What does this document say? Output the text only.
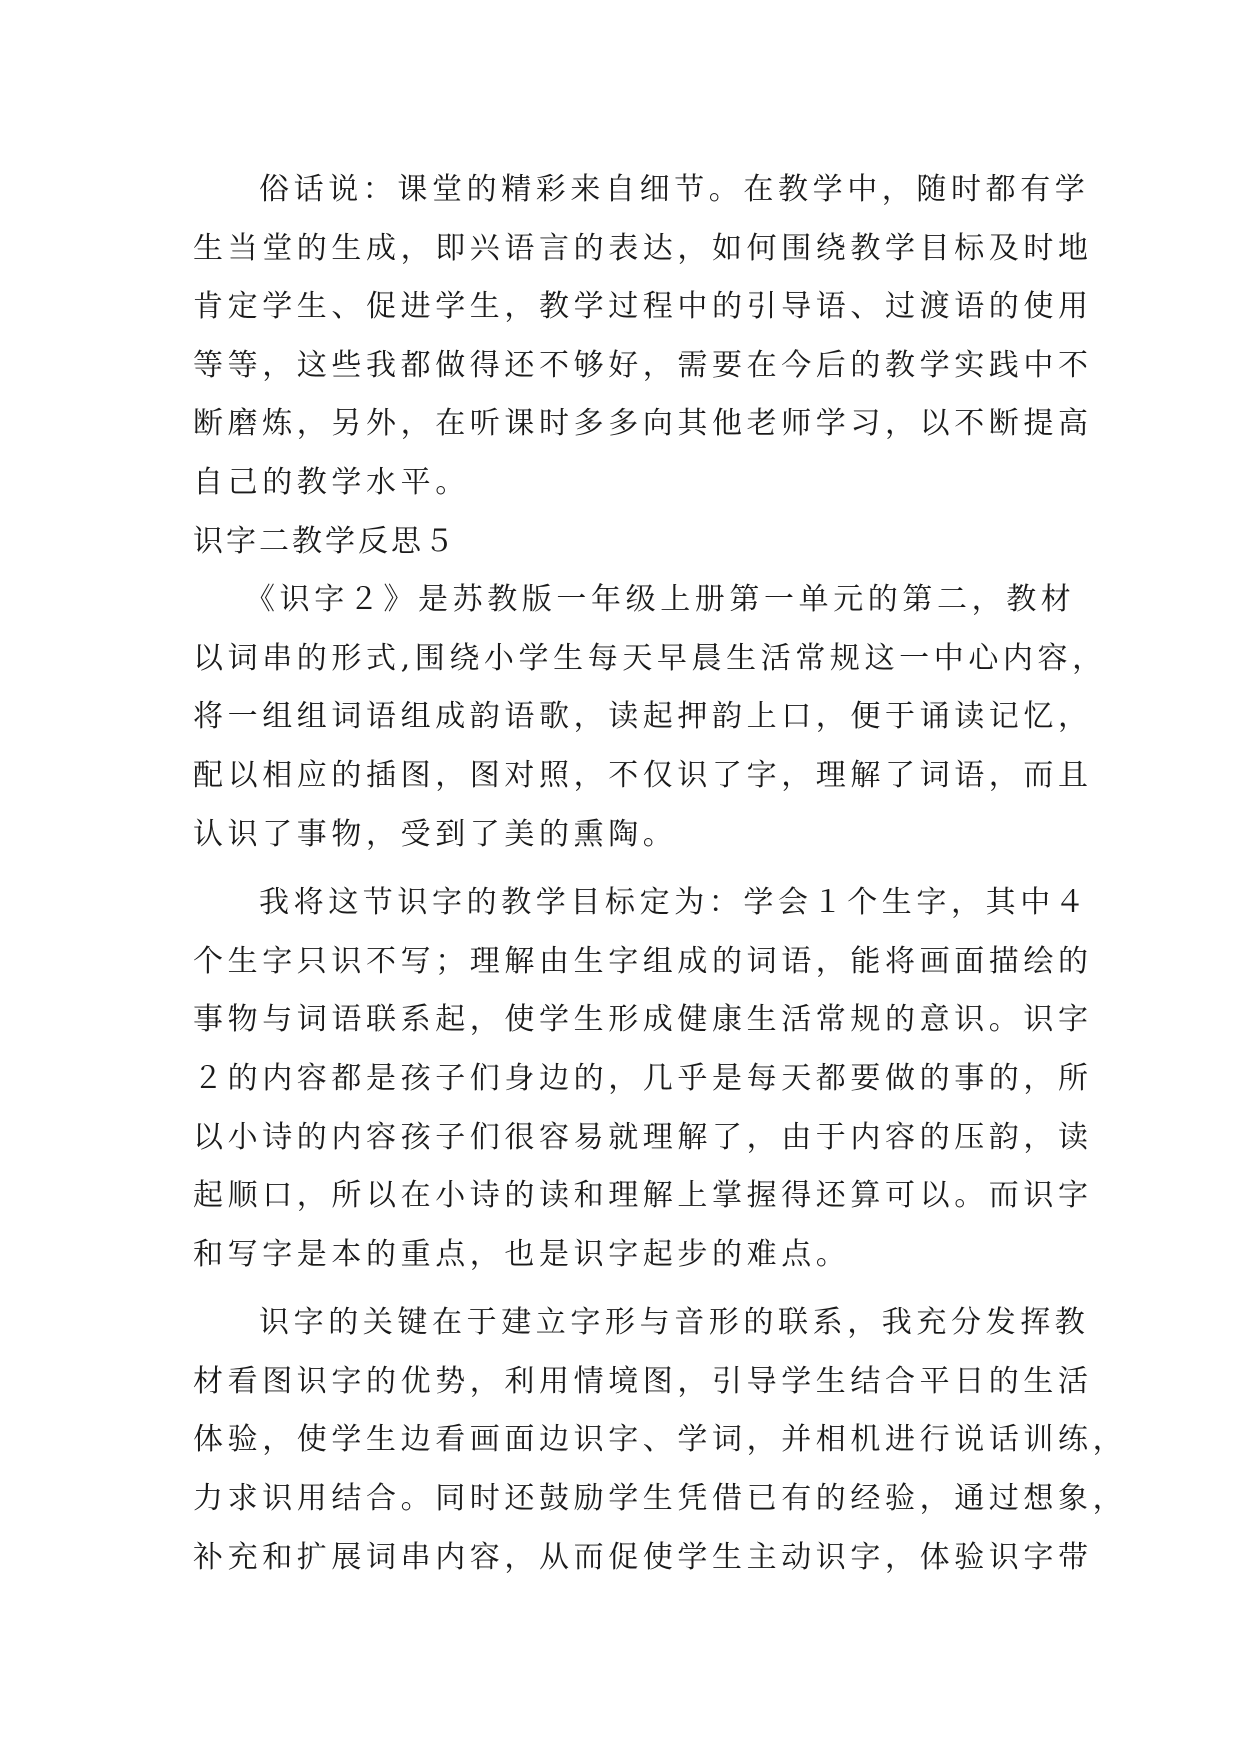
俗话说：课堂的精彩来自细节。在教学中，随时都有学
生当堂的生成，即兴语言的表达，如何围绕教学目标及时地
肯定学生、促进学生，教学过程中的引导语、过渡语的使用
等等，这些我都做得还不够好，需要在今后的教学实践中不
断磨炼，另外，在听课时多多向其他老师学习，以不断提高
自己的教学水平。
识字二教学反思５
《识字２》是苏教版一年级上册第一单元的第二，教材
以词串的形式,围绕小学生每天早晨生活常规这一中心内容，
将一组组词语组成韵语歌，读起押韵上口，便于诵读记忆，
配以相应的插图，图对照，不仅识了字，理解了词语，而且
认识了事物，受到了美的熏陶。
我将这节识字的教学目标定为：学会１个生字，其中４
个生字只识不写；理解由生字组成的词语，能将画面描绘的
事物与词语联系起，使学生形成健康生活常规的意识。识字
２的内容都是孩子们身边的，几乎是每天都要做的事的，所
以小诗的内容孩子们很容易就理解了，由于内容的压韵，读
起顺口，所以在小诗的读和理解上掌握得还算可以。而识字
和写字是本的重点，也是识字起步的难点。
识字的关键在于建立字形与音形的联系，我充分发挥教
材看图识字的优势，利用情境图，引导学生结合平日的生活
体验，使学生边看画面边识字、学词，并相机进行说话训练，
力求识用结合。同时还鼓励学生凭借已有的经验，通过想象，
补充和扩展词串内容，从而促使学生主动识字，体验识字带
